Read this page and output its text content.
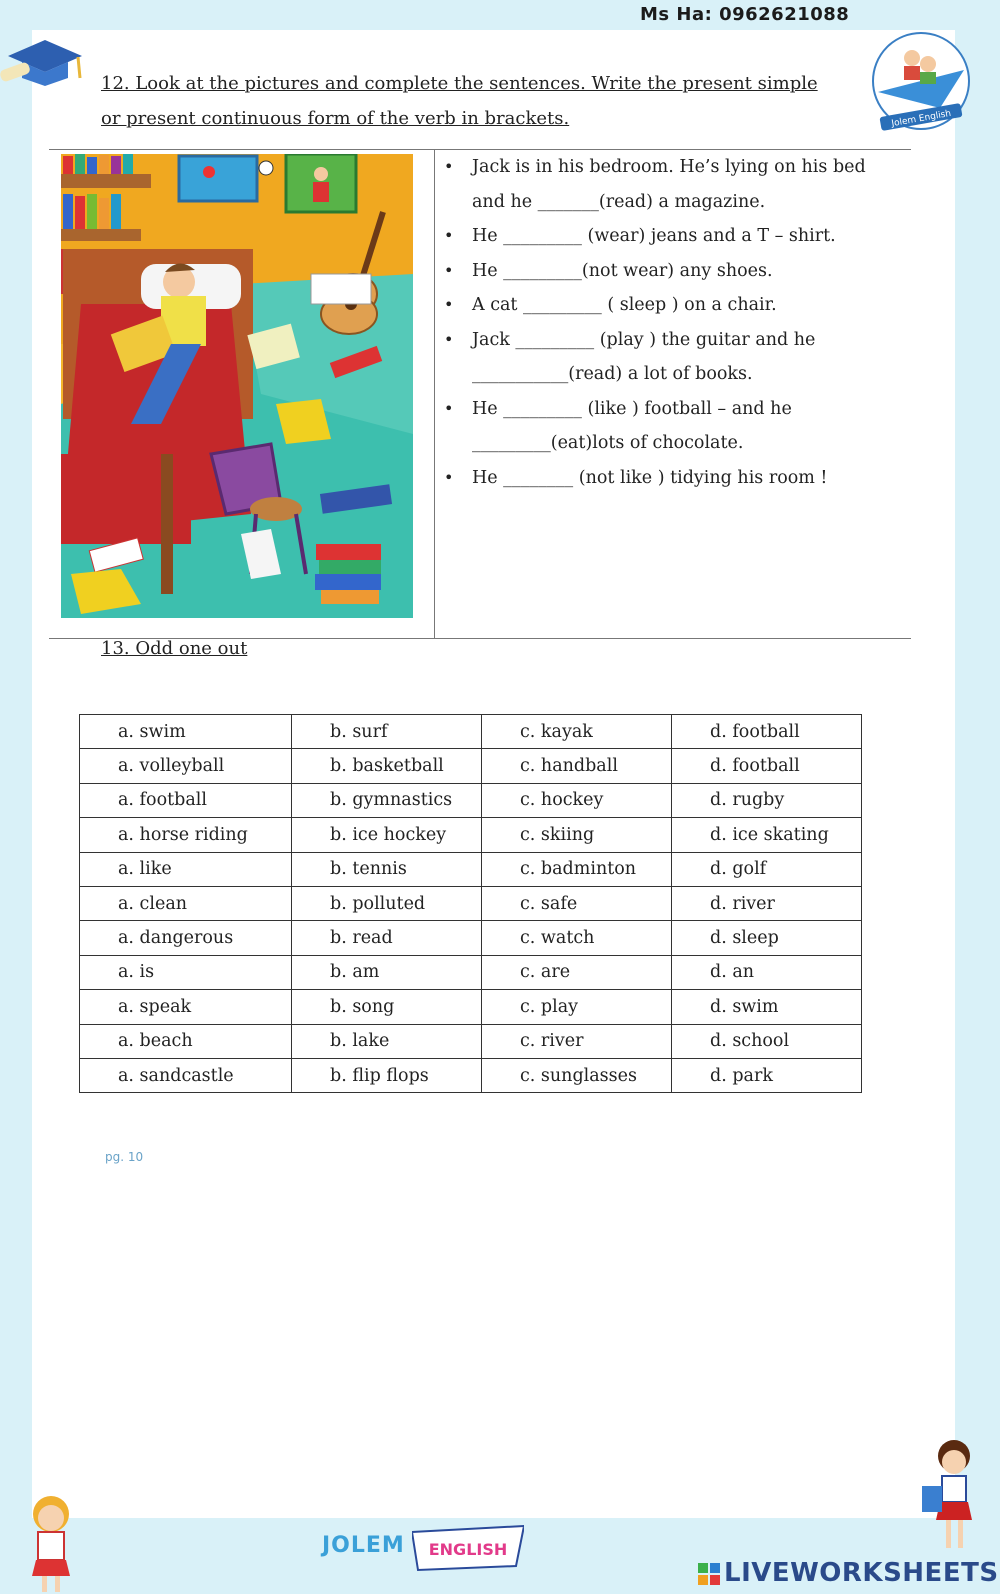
Ms Ha: 0962621088
Jolem English
12. Look at the pictures and complete the sentences. Write the present simple
or present continuous form of the verb in brackets.
• Jack is in his bedroom. He’s lying on his bed
and he _______(read) a magazine.
• He _________ (wear) jeans and a T – shirt.
• He _________(not wear) any shoes.
• A cat _________ ( sleep ) on a chair.
• Jack _________ (play ) the guitar and he
___________(read) a lot of books.
• He _________ (like ) football – and he
_________(eat)lots of chocolate.
• He ________ (not like ) tidying his room !
13. Odd one out
a. swim	b. surf	c. kayak	d. football
a. volleyball	b. basketball	c. handball	d. football
a. football	b. gymnastics	c. hockey	d. rugby
a. horse riding	b. ice hockey	c. skiing	d. ice skating
a. like	b. tennis	c. badminton	d. golf
a. clean	b. polluted	c. safe	d. river
a. dangerous	b. read	c. watch	d. sleep
a. is	b. am	c. are	d. an
a. speak	b. song	c. play	d. swim
a. beach	b. lake	c. river	d. school
a. sandcastle	b. flip flops	c. sunglasses	d. park
pg. 10
JOLEM ENGLISH
LIVEWORKSHEETS
